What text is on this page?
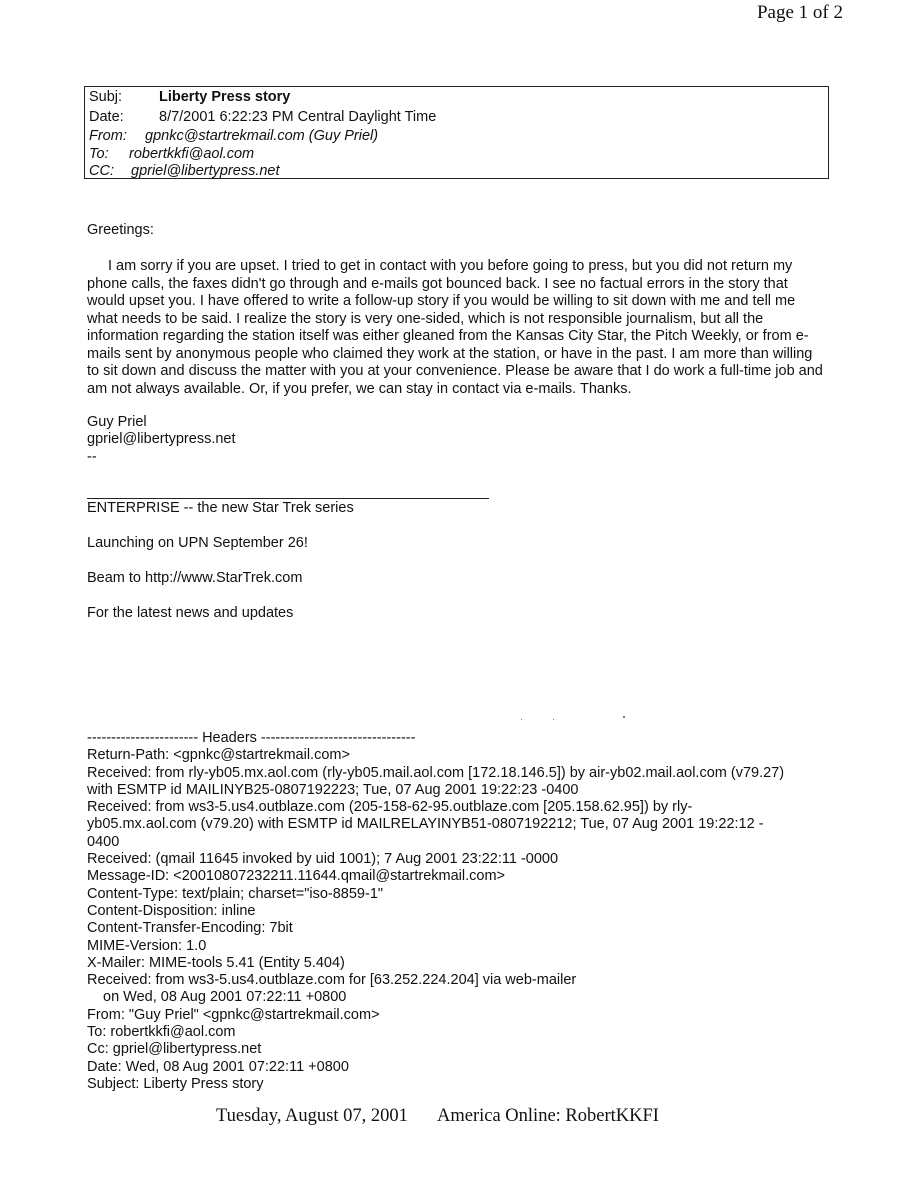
Page 1 of 2
Subj:	Liberty Press story
Date: 8/7/2001 6:22:23 PM Central Daylight Time
From: gpnkc@startrekmail.com (Guy Priel)
To: robertkkfi@aol.com
CC: gpriel@libertypress.net
Greetings:
I am sorry if you are upset. I tried to get in contact with you before going to press, but you did not return my phone calls, the faxes didn't go through and e-mails got bounced back. I see no factual errors in the story that would upset you. I have offered to write a follow-up story if you would be willing to sit down with me and tell me what needs to be said. I realize the story is very one-sided, which is not responsible journalism, but all the information regarding the station itself was either gleaned from the Kansas City Star, the Pitch Weekly, or from e-mails sent by anonymous people who claimed they work at the station, or have in the past. I am more than willing to sit down and discuss the matter with you at your convenience. Please be aware that I do work a full-time job and am not always available. Or, if you prefer, we can stay in contact via e-mails. Thanks.
Guy Priel
gpriel@libertypress.net
--
ENTERPRISE -- the new Star Trek series
Launching on UPN September 26!
Beam to http://www.StarTrek.com
For the latest news and updates
----------------------- Headers --------------------------------
Return-Path: <gpnkc@startrekmail.com>
Received: from rly-yb05.mx.aol.com (rly-yb05.mail.aol.com [172.18.146.5]) by air-yb02.mail.aol.com (v79.27)
with ESMTP id MAILINYB25-0807192223; Tue, 07 Aug 2001 19:22:23 -0400
Received: from ws3-5.us4.outblaze.com (205-158-62-95.outblaze.com [205.158.62.95]) by rly-
yb05.mx.aol.com (v79.20) with ESMTP id MAILRELAYINYB51-0807192212; Tue, 07 Aug 2001 19:22:12 -
0400
Received: (qmail 11645 invoked by uid 1001); 7 Aug 2001 23:22:11 -0000
Message-ID: <20010807232211.11644.qmail@startrekmail.com>
Content-Type: text/plain; charset="iso-8859-1"
Content-Disposition: inline
Content-Transfer-Encoding: 7bit
MIME-Version: 1.0
X-Mailer: MIME-tools 5.41 (Entity 5.404)
Received: from ws3-5.us4.outblaze.com for [63.252.224.204] via web-mailer
on Wed, 08 Aug 2001 07:22:11 +0800
From: "Guy Priel" <gpnkc@startrekmail.com>
To: robertkkfi@aol.com
Cc: gpriel@libertypress.net
Date: Wed, 08 Aug 2001 07:22:11 +0800
Subject: Liberty Press story
Tuesday, August 07, 2001 America Online: RobertKKFI
